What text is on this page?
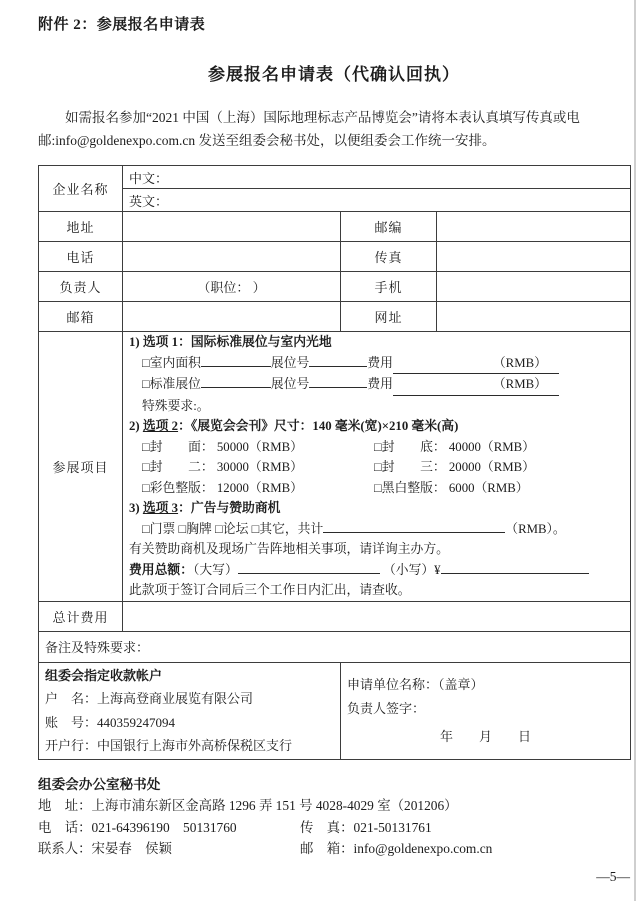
附件 2：参展报名申请表
参展报名申请表（代确认回执）

如需报名参加“2021 中国（上海）国际地理标志产品博览会”请将本表认真填写传真或电邮:info@goldenexpo.com.cn 发送至组委会秘书处，以便组委会工作统一安排。

企业名称	中文：		
	英文：		
地址		邮编	
电话		传真	
负责人	（职位： ）	手机	
邮箱		网址	
参展项目	
1) 选项 1：国际标准展位与室内光地
□室内面积	展位号	费用	（RMB）
□标准展位	展位号	费用	（RMB）
特殊要求:。
2) 选项 2：《展览会会刊》尺寸：140 毫米(宽)×210 毫米(高)
□封　　面： 50000（RMB）	□封　　底： 40000（RMB）
□封　　二： 30000（RMB）	□封　　三： 20000（RMB）
□彩色整版： 12000（RMB）	□黑白整版： 6000（RMB）
3) 选项 3：广告与赞助商机
□门票 □胸牌 □论坛 □其它，共计	（RMB）。
有关赞助商机及现场广告阵地相关事项，请详询主办方。
费用总额：（大写）	（小写）¥
此款项于签订合同后三个工作日内汇出，请查收。

总计费用			
备注及特殊要求：			

组委会指定收款帐户
户　名：上海高登商业展览有限公司
账　号：440359247094
开户行：中国银行上海市外高桥保税区支行

申请单位名称：（盖章）
负责人签字：
年　　月　　日
组委会办公室秘书处
地　址：上海市浦东新区金高路 1296 弄 151 号 4028-4029 室（201206）
电　话：021-64396190　50131760	传　真：021-50131761
联系人：宋晏春　侯颖	邮　箱：info@goldenexpo.com.cn
—5—
